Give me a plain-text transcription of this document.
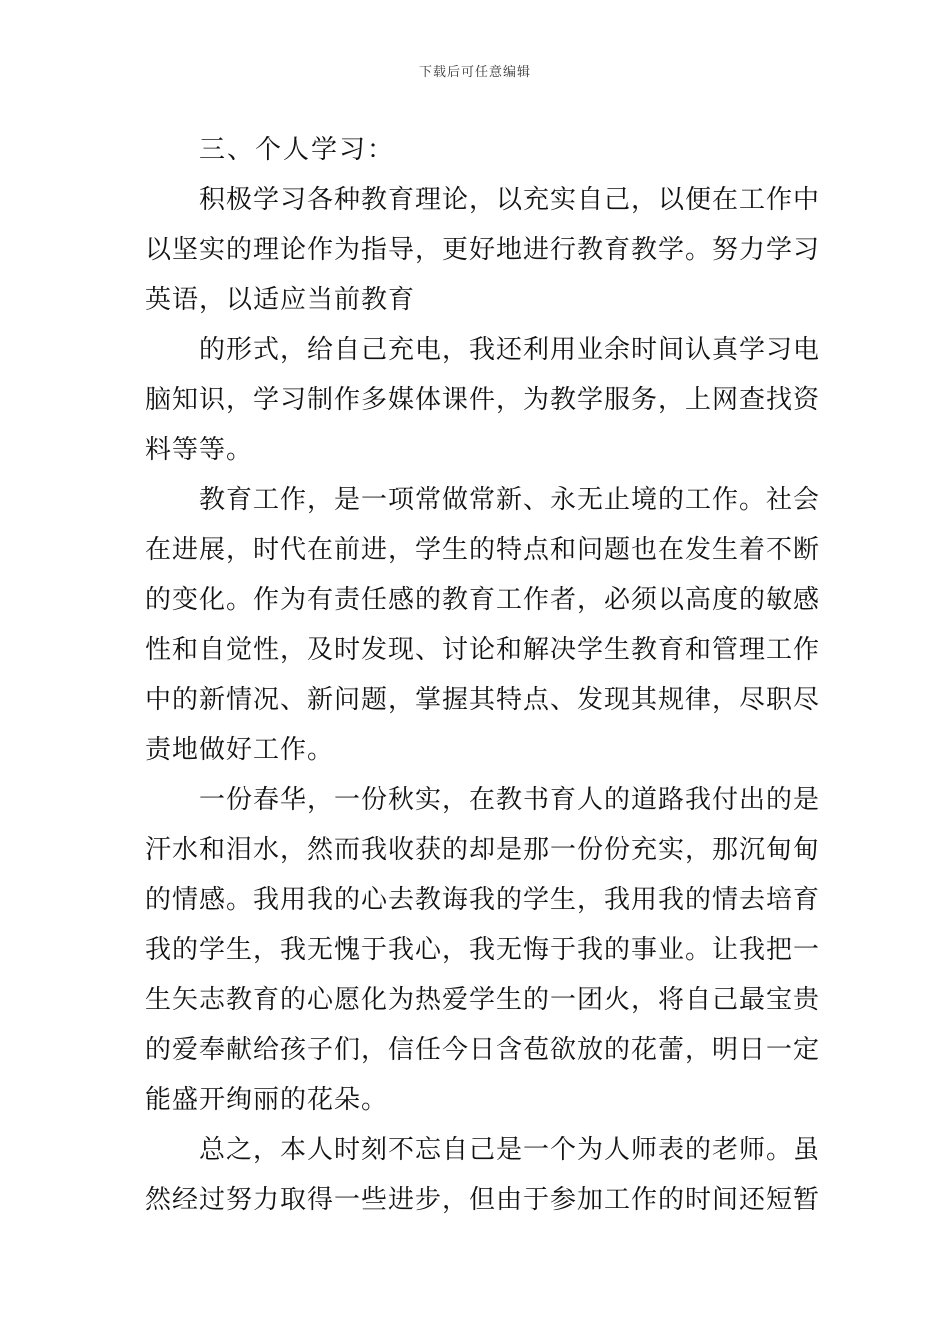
下载后可任意编辑
三、个人学习：

积极学习各种教育理论，以充实自己，以便在工作中
以坚实的理论作为指导，更好地进行教育教学。努力学习
英语，以适应当前教育

的形式，给自己充电，我还利用业余时间认真学习电
脑知识，学习制作多媒体课件，为教学服务，上网查找资
料等等。

教育工作，是一项常做常新、永无止境的工作。社会
在进展，时代在前进，学生的特点和问题也在发生着不断
的变化。作为有责任感的教育工作者，必须以高度的敏感
性和自觉性，及时发现、讨论和解决学生教育和管理工作
中的新情况、新问题，掌握其特点、发现其规律，尽职尽
责地做好工作。

一份春华，一份秋实，在教书育人的道路我付出的是
汗水和泪水，然而我收获的却是那一份份充实，那沉甸甸
的情感。我用我的心去教诲我的学生，我用我的情去培育
我的学生，我无愧于我心，我无悔于我的事业。让我把一
生矢志教育的心愿化为热爱学生的一团火，将自己最宝贵
的爱奉献给孩子们，信任今日含苞欲放的花蕾，明日一定
能盛开绚丽的花朵。

总之，本人时刻不忘自己是一个为人师表的老师。虽
然经过努力取得一些进步，但由于参加工作的时间还短暂
